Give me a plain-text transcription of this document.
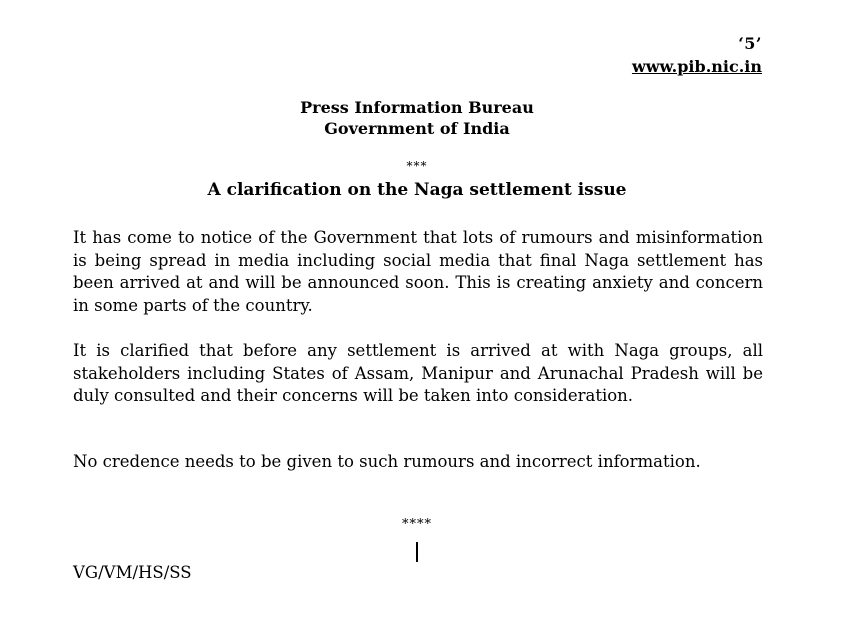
‘5’
www.pib.nic.in
Press Information Bureau
Government of India
***
A clarification on the Naga settlement issue

It has come to notice of the Government that lots of rumours and misinformation is being spread in media including social media that final Naga settlement has been arrived at and will be announced soon. This is creating anxiety and concern in some parts of the country.

It is clarified that before any settlement is arrived at with Naga groups, all stakeholders including States of Assam, Manipur and Arunachal Pradesh will be duly consulted and their concerns will be taken into consideration.

No credence needs to be given to such rumours and incorrect information.

****
VG/VM/HS/SS
